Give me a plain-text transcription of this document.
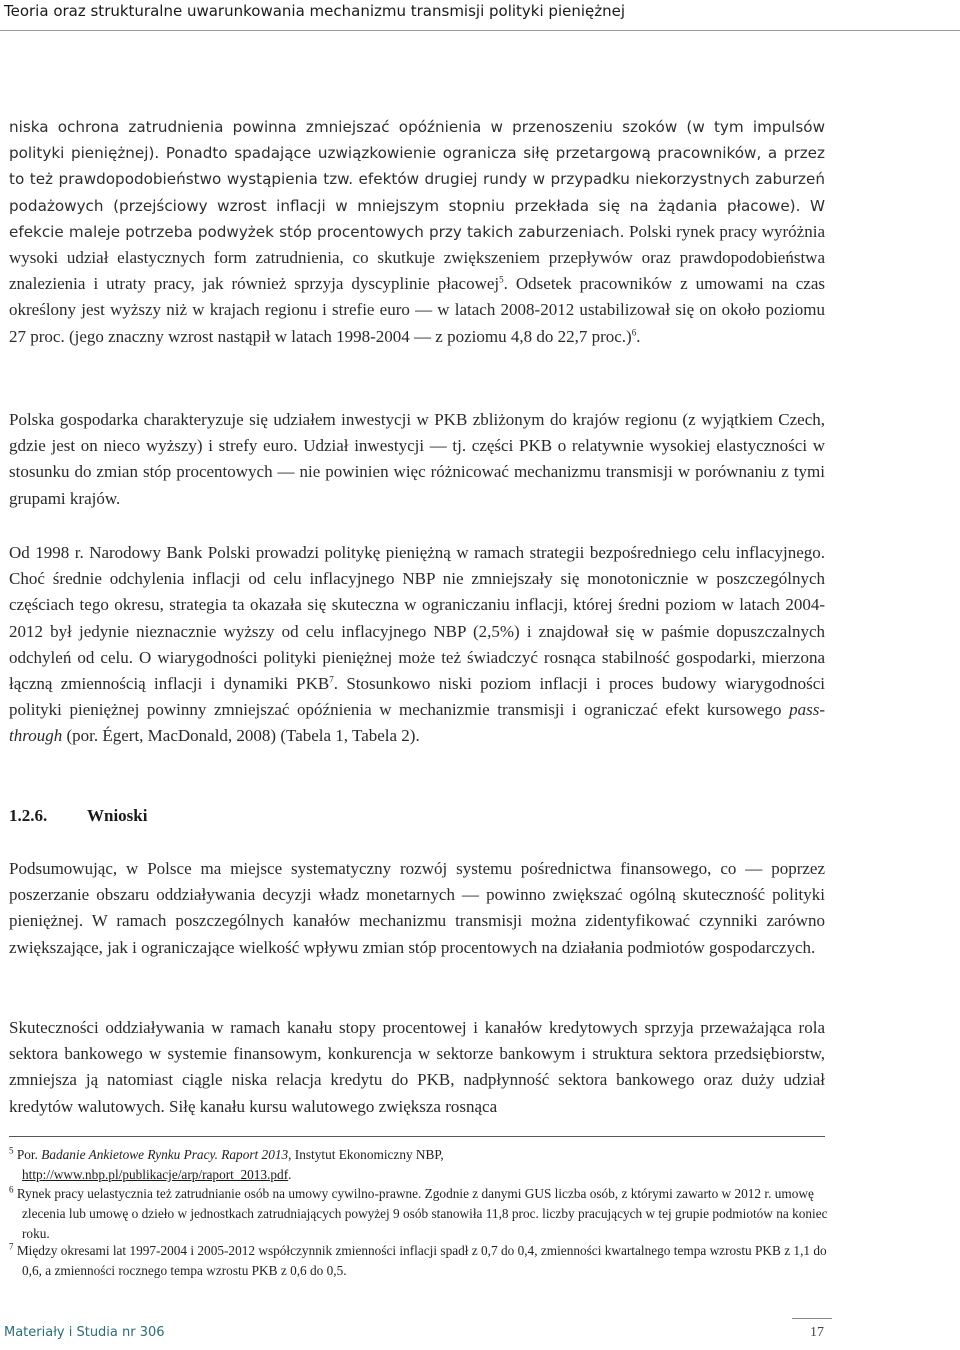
Teoria oraz strukturalne uwarunkowania mechanizmu transmisji polityki pieniężnej

niska ochrona zatrudnienia powinna zmniejszać opóźnienia w przenoszeniu szoków (w tym impulsów polityki pieniężnej). Ponadto spadające uzwiązkowienie ogranicza siłę przetargową pracowników, a przez to też prawdopodobieństwo wystąpienia tzw. efektów drugiej rundy w przypadku niekorzystnych zaburzeń podażowych (przejściowy wzrost inflacji w mniejszym stopniu przekłada się na żądania płacowe). W efekcie maleje potrzeba podwyżek stóp procentowych przy takich zaburzeniach. Polski rynek pracy wyróżnia wysoki udział elastycznych form zatrudnienia, co skutkuje zwiększeniem przepływów oraz prawdopodobieństwa znalezienia i utraty pracy, jak również sprzyja dyscyplinie płacowej$^5$. Odsetek pracowników z umowami na czas określony jest wyższy niż w krajach regionu i strefie euro — w latach 2008-2012 ustabilizował się on około poziomu 27 proc. (jego znaczny wzrost nastąpił w latach 1998-2004 — z poziomu 4,8 do 22,7 proc.)$^6$.

Polska gospodarka charakteryzuje się udziałem inwestycji w PKB zbliżonym do krajów regionu (z wyjątkiem Czech, gdzie jest on nieco wyższy) i strefy euro. Udział inwestycji — tj. części PKB o relatywnie wysokiej elastyczności w stosunku do zmian stóp procentowych — nie powinien więc różnicować mechanizmu transmisji w porównaniu z tymi grupami krajów.

Od 1998 r. Narodowy Bank Polski prowadzi politykę pieniężną w ramach strategii bezpośredniego celu inflacyjnego. Choć średnie odchylenia inflacji od celu inflacyjnego NBP nie zmniejszały się monotonicznie w poszczególnych częściach tego okresu, strategia ta okazała się skuteczna w ograniczaniu inflacji, której średni poziom w latach 2004-2012 był jedynie nieznacznie wyższy od celu inflacyjnego NBP (2,5%) i znajdował się w paśmie dopuszczalnych odchyleń od celu. O wiarygodności polityki pieniężnej może też świadczyć rosnąca stabilność gospodarki, mierzona łączną zmiennością inflacji i dynamiki PKB$^7$. Stosunkowo niski poziom inflacji i proces budowy wiarygodności polityki pieniężnej powinny zmniejszać opóźnienia w mechanizmie transmisji i ograniczać efekt kursowego pass-through (por. Égert, MacDonald, 2008) (Tabela 1, Tabela 2).

1.2.6. Wnioski

Podsumowując, w Polsce ma miejsce systematyczny rozwój systemu pośrednictwa finansowego, co — poprzez poszerzanie obszaru oddziaływania decyzji władz monetarnych — powinno zwiększać ogólną skuteczność polityki pieniężnej. W ramach poszczególnych kanałów mechanizmu transmisji można zidentyfikować czynniki zarówno zwiększające, jak i ograniczające wielkość wpływu zmian stóp procentowych na działania podmiotów gospodarczych.

Skuteczności oddziaływania w ramach kanału stopy procentowej i kanałów kredytowych sprzyja przeważająca rola sektora bankowego w systemie finansowym, konkurencja w sektorze bankowym i struktura sektora przedsiębiorstw, zmniejsza ją natomiast ciągle niska relacja kredytu do PKB, nadpłynność sektora bankowego oraz duży udział kredytów walutowych. Siłę kanału kursu walutowego zwiększa rosnąca

$^5$ Por. Badanie Ankietowe Rynku Pracy. Raport 2013, Instytut Ekonomiczny NBP,
http://www.nbp.pl/publikacje/arp/raport_2013.pdf.
$^6$ Rynek pracy uelastycznia też zatrudnianie osób na umowy cywilno-prawne. Zgodnie z danymi GUS liczba osób, z którymi zawarto w 2012 r. umowę zlecenia lub umowę o dzieło w jednostkach zatrudniających powyżej 9 osób stanowiła 11,8 proc. liczby pracujących w tej grupie podmiotów na koniec roku.
$^7$ Między okresami lat 1997-2004 i 2005-2012 współczynnik zmienności inflacji spadł z 0,7 do 0,4, zmienności kwartalnego tempa wzrostu PKB z 1,1 do 0,6, a zmienności rocznego tempa wzrostu PKB z 0,6 do 0,5.
Materiały i Studia nr 306	17
